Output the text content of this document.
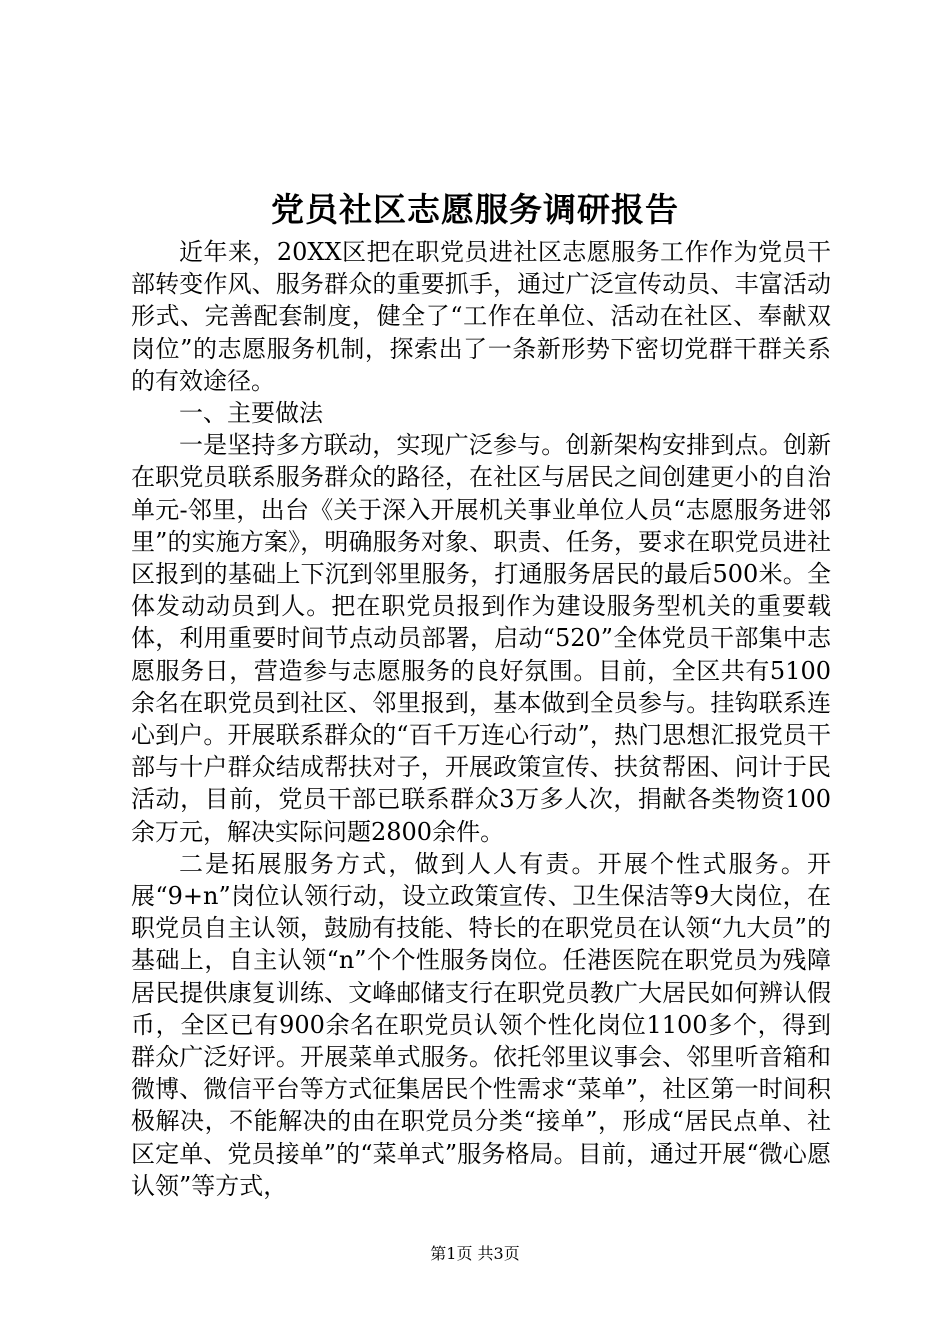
党员社区志愿服务调研报告

近年来，20XX区把在职党员进社区志愿服务工作作为党员干部转变作风、服务群众的重要抓手，通过广泛宣传动员、丰富活动形式、完善配套制度，健全了“工作在单位、活动在社区、奉献双岗位”的志愿服务机制，探索出了一条新形势下密切党群干群关系的有效途径。

一、主要做法

一是坚持多方联动，实现广泛参与。创新架构安排到点。创新在职党员联系服务群众的路径，在社区与居民之间创建更小的自治单元-邻里，出台《关于深入开展机关事业单位人员“志愿服务进邻里”的实施方案》，明确服务对象、职责、任务，要求在职党员进社区报到的基础上下沉到邻里服务，打通服务居民的最后500米。全体发动动员到人。把在职党员报到作为建设服务型机关的重要载体，利用重要时间节点动员部署，启动“520”全体党员干部集中志愿服务日，营造参与志愿服务的良好氛围。目前，全区共有5100余名在职党员到社区、邻里报到，基本做到全员参与。挂钩联系连心到户。开展联系群众的“百千万连心行动”，热门思想汇报党员干部与十户群众结成帮扶对子，开展政策宣传、扶贫帮困、问计于民活动，目前，党员干部已联系群众3万多人次，捐献各类物资100余万元，解决实际问题2800余件。

二是拓展服务方式，做到人人有责。开展个性式服务。开展“9+n”岗位认领行动，设立政策宣传、卫生保洁等9大岗位，在职党员自主认领，鼓励有技能、特长的在职党员在认领“九大员”的基础上，自主认领“n”个个性服务岗位。任港医院在职党员为残障居民提供康复训练、文峰邮储支行在职党员教广大居民如何辨认假币，全区已有900余名在职党员认领个性化岗位1100多个，得到群众广泛好评。开展菜单式服务。依托邻里议事会、邻里听音箱和微博、微信平台等方式征集居民个性需求“菜单”，社区第一时间积极解决，不能解决的由在职党员分类“接单”，形成“居民点单、社区定单、党员接单”的“菜单式”服务格局。目前，通过开展“微心愿认领”等方式，

第1页 共3页
